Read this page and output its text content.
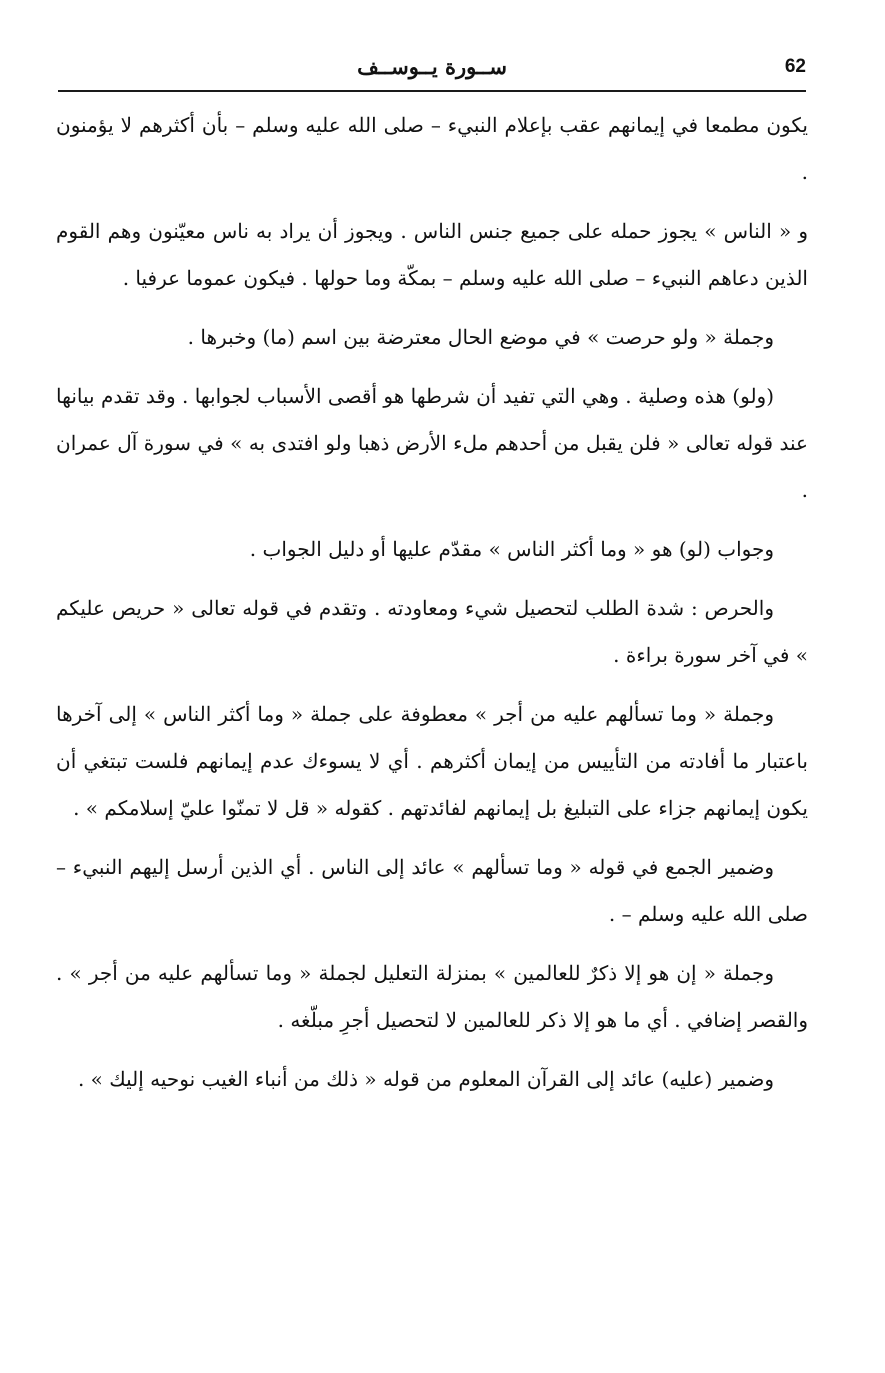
62
ســورة يــوســف

يكون مطمعا في إيمانهم عقب بإعلام النبيء – صلى الله عليه وسلم – بأن أكثرهم لا يؤمنون .

و « الناس » يجوز حمله على جميع جنس الناس . ويجوز أن يراد به ناس معيّنون وهم القوم الذين دعاهم النبيء – صلى الله عليه وسلم – بمكّة وما حولها . فيكون عموما عرفيا .

وجملة « ولو حرصت » في موضع الحال معترضة بين اسم (ما) وخبرها .

(ولو) هذه وصلية . وهي التي تفيد أن شرطها هو أقصى الأسباب لجوابها . وقد تقدم بيانها عند قوله تعالى « فلن يقبل من أحدهم ملء الأرض ذهبا ولو افتدى به » في سورة آل عمران .

وجواب (لو) هو « وما أكثر الناس » مقدّم عليها أو دليل الجواب .

والحرص : شدة الطلب لتحصيل شيء ومعاودته . وتقدم في قوله تعالى « حريص عليكم » في آخر سورة براءة .

وجملة « وما تسألهم عليه من أجر » معطوفة على جملة « وما أكثر الناس » إلى آخرها باعتبار ما أفادته من التأييس من إيمان أكثرهم . أي لا يسوءك عدم إيمانهم فلست تبتغي أن يكون إيمانهم جزاء على التبليغ بل إيمانهم لفائدتهم . كقوله « قل لا تمنّوا عليّ إسلامكم » .

وضمير الجمع في قوله « وما تسألهم » عائد إلى الناس . أي الذين أرسل إليهم النبيء – صلى الله عليه وسلم – .

وجملة « إن هو إلا ذكرٌ للعالمين » بمنزلة التعليل لجملة « وما تسألهم عليه من أجر » . والقصر إضافي . أي ما هو إلا ذكر للعالمين لا لتحصيل أجرِ مبلّغه .

وضمير (عليه) عائد إلى القرآن المعلوم من قوله « ذلك من أنباء الغيب نوحيه إليك » .
